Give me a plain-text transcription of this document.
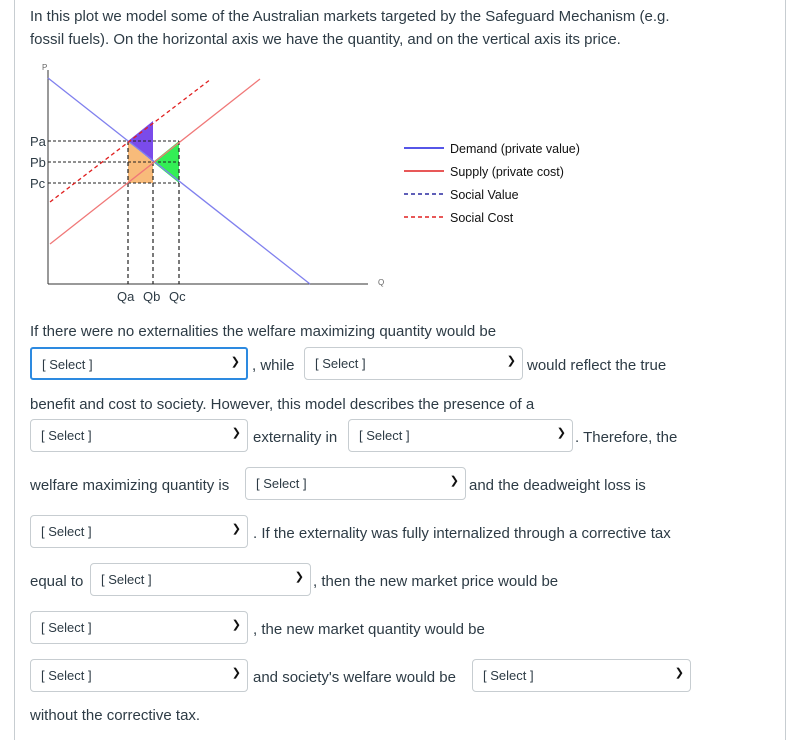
In this plot we model some of the Australian markets targeted by the Safeguard Mechanism (e.g.
fossil fuels). On the horizontal axis we have the quantity, and on the vertical axis its price.
P
Q
Pa
Pb
Pc
Qa Qb Qc
Demand (private value)
Supply (private cost)
Social Value
Social Cost
If there were no externalities the welfare maximizing quantity would be
[ Select ]	❯ , while [ Select ]	❯ would reflect the true
benefit and cost to society. However, this model describes the presence of a
[ Select ]	❯ externality in [ Select ]	❯ . Therefore, the
welfare maximizing quantity is [ Select ]	❯ and the deadweight loss is
[ Select ]	❯ . If the externality was fully internalized through a corrective tax
equal to [ Select ]	❯ , then the new market price would be
[ Select ]	❯ , the new market quantity would be
[ Select ]	❯ and society's welfare would be [ Select ]	❯
without the corrective tax.
